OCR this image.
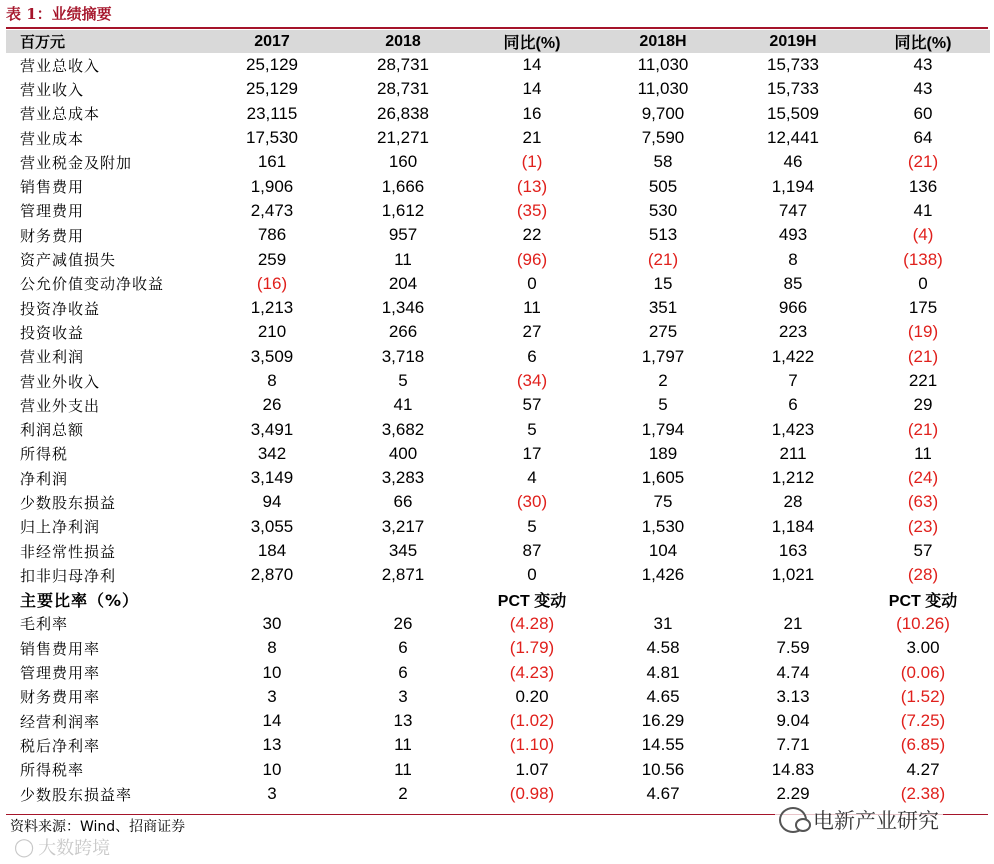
表 1：业绩摘要
百万元	2017	2018	同比(%)	2018H	2019H	同比(%)
营业总收入	25,129	28,731	14	11,030	15,733	43
营业收入	25,129	28,731	14	11,030	15,733	43
营业总成本	23,115	26,838	16	9,700	15,509	60
营业成本	17,530	21,271	21	7,590	12,441	64
营业税金及附加	161	160	(1)	58	46	(21)
销售费用	1,906	1,666	(13)	505	1,194	136
管理费用	2,473	1,612	(35)	530	747	41
财务费用	786	957	22	513	493	(4)
资产减值损失	259	11	(96)	(21)	8	(138)
公允价值变动净收益	(16)	204	0	15	85	0
投资净收益	1,213	1,346	11	351	966	175
投资收益	210	266	27	275	223	(19)
营业利润	3,509	3,718	6	1,797	1,422	(21)
营业外收入	8	5	(34)	2	7	221
营业外支出	26	41	57	5	6	29
利润总额	3,491	3,682	5	1,794	1,423	(21)
所得税	342	400	17	189	211	11
净利润	3,149	3,283	4	1,605	1,212	(24)
少数股东损益	94	66	(30)	75	28	(63)
归上净利润	3,055	3,217	5	1,530	1,184	(23)
非经常性损益	184	345	87	104	163	57
扣非归母净利	2,870	2,871	0	1,426	1,021	(28)
主要比率（%）			PCT 变动			PCT 变动
毛利率	30	26	(4.28)	31	21	(10.26)
销售费用率	8	6	(1.79)	4.58	7.59	3.00
管理费用率	10	6	(4.23)	4.81	4.74	(0.06)
财务费用率	3	3	0.20	4.65	3.13	(1.52)
经营利润率	14	13	(1.02)	16.29	9.04	(7.25)
税后净利率	13	11	(1.10)	14.55	7.71	(6.85)
所得税率	10	11	1.07	10.56	14.83	4.27
少数股东损益率	3	2	(0.98)	4.67	2.29	(2.38)
资料来源：Wind、招商证券	电新产业研究
◯ 大数跨境
